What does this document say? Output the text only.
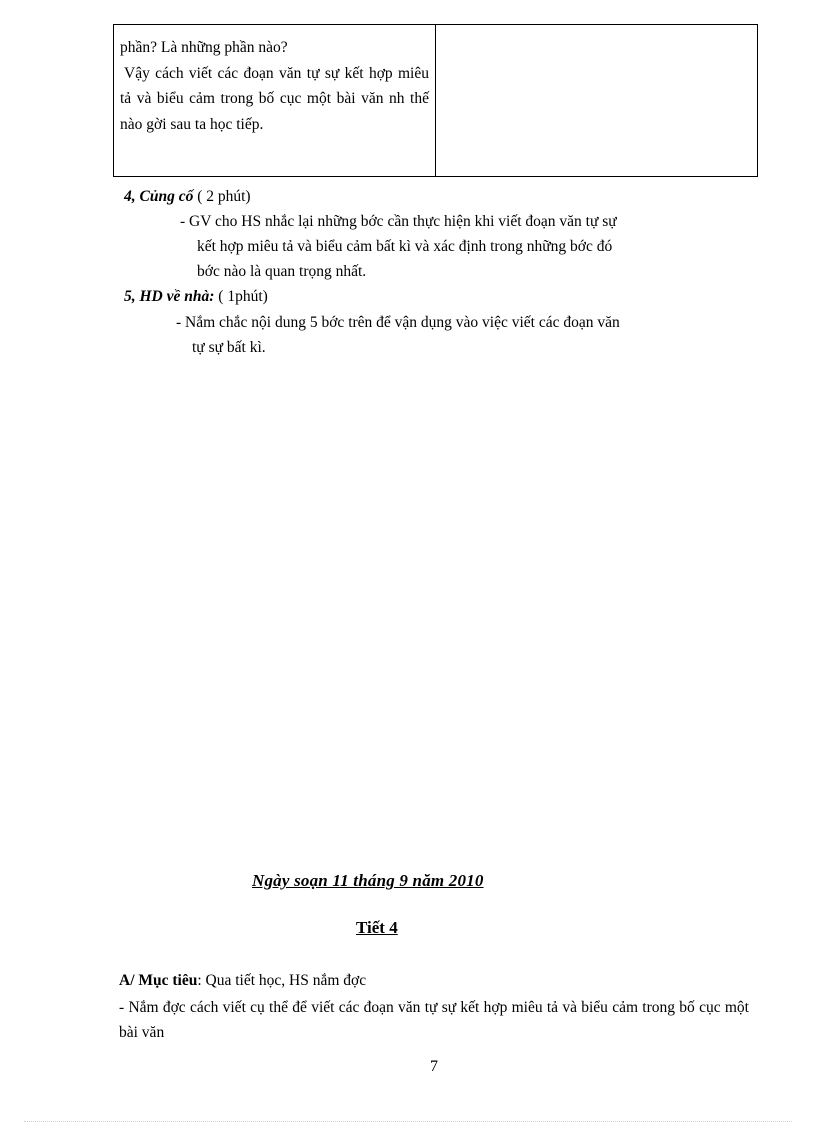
phần? Là những phần nào?
Vậy cách viết các đoạn văn tự sự kết hợp miêu tả và biểu cảm trong bố cục một bài văn nh thế nào gời sau ta học tiếp.
4, Củng cố ( 2 phút)
- GV cho HS nhắc lại những bớc cần thực hiện khi viết đoạn văn tự sự
kết hợp miêu tả và biểu cảm bất kì và xác định trong những bớc đó
bớc nào là quan trọng nhất.
5, HD về nhà: ( 1phút)
- Nắm chắc nội dung 5 bớc trên để vận dụng vào việc viết các đoạn văn
tự sự bất kì.
Ngày soạn 11 tháng 9 năm 2010
Tiết 4
A/ Mục tiêu: Qua tiết học, HS nắm đợc
- Nắm đợc cách viết cụ thể để viết các đoạn văn tự sự kết hợp miêu tả và biểu cảm trong bố cục một bài văn
7
